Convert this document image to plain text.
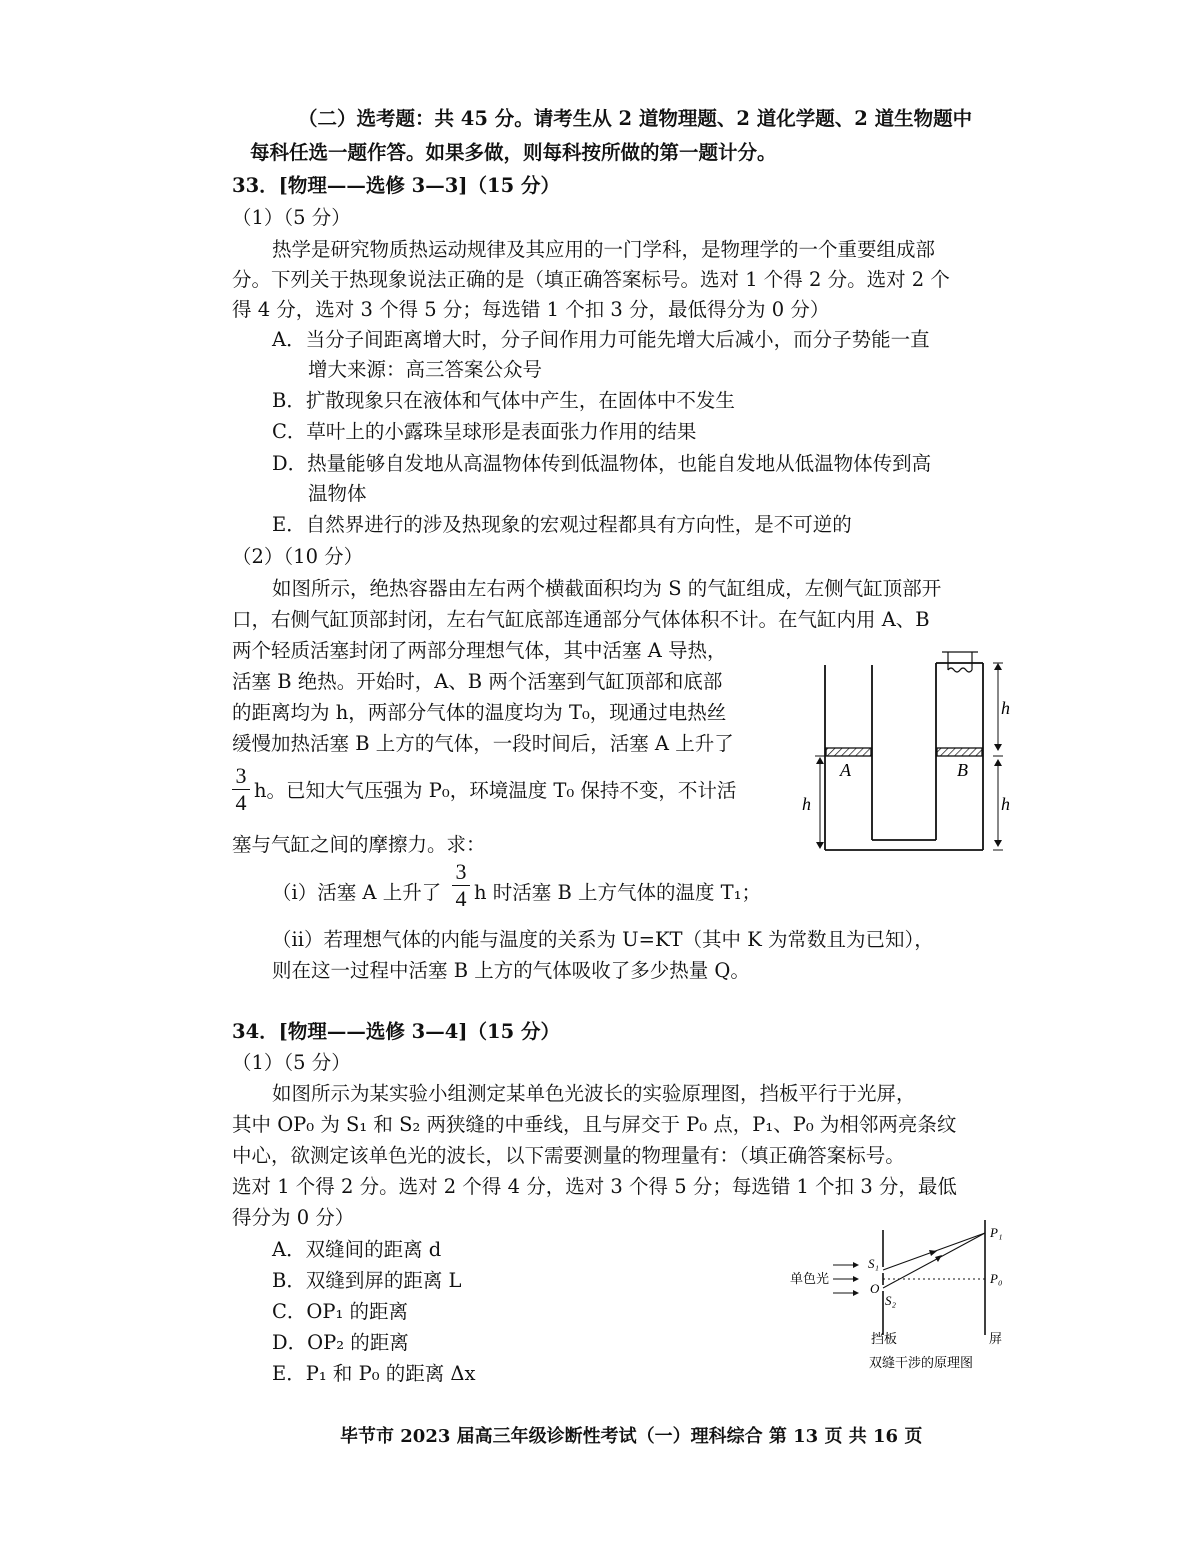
（二）选考题：共 45 分。请考生从 2 道物理题、2 道化学题、2 道生物题中
每科任选一题作答。如果多做，则每科按所做的第一题计分。
33．[物理——选修 3—3]（15 分）
（1）（5 分）
热学是研究物质热运动规律及其应用的一门学科，是物理学的一个重要组成部
分。下列关于热现象说法正确的是（填正确答案标号。选对 1 个得 2 分。选对 2 个
得 4 分，选对 3 个得 5 分；每选错 1 个扣 3 分，最低得分为 0 分）
A．当分子间距离增大时，分子间作用力可能先增大后减小，而分子势能一直
增大来源：高三答案公众号
B．扩散现象只在液体和气体中产生，在固体中不发生
C．草叶上的小露珠呈球形是表面张力作用的结果
D．热量能够自发地从高温物体传到低温物体，也能自发地从低温物体传到高
温物体
E．自然界进行的涉及热现象的宏观过程都具有方向性，是不可逆的
（2）（10 分）
如图所示，绝热容器由左右两个横截面积均为 S 的气缸组成，左侧气缸顶部开
口，右侧气缸顶部封闭，左右气缸底部连通部分气体体积不计。在气缸内用 A、B
两个轻质活塞封闭了两部分理想气体，其中活塞 A 导热，
活塞 B 绝热。开始时，A、B 两个活塞到气缸顶部和底部
的距离均为 h，两部分气体的温度均为 T₀，现通过电热丝
缓慢加热活塞 B 上方的气体，一段时间后，活塞 A 上升了
3
4 h。已知大气压强为 P₀，环境温度 T₀ 保持不变，不计活
塞与气缸之间的摩擦力。求：
（i）活塞 A 上升了
3
4 h 时活塞 B 上方气体的温度 T₁；
（ii）若理想气体的内能与温度的关系为 U=KT（其中 K 为常数且为已知），
则在这一过程中活塞 B 上方的气体吸收了多少热量 Q。
A	B
h
h
h
34．[物理——选修 3—4]（15 分）
（1）（5 分）
如图所示为某实验小组测定某单色光波长的实验原理图，挡板平行于光屏，
其中 OP₀ 为 S₁ 和 S₂ 两狭缝的中垂线，且与屏交于 P₀ 点，P₁、P₀ 为相邻两亮条纹
中心，欲测定该单色光的波长，以下需要测量的物理量有：（填正确答案标号。
选对 1 个得 2 分。选对 2 个得 4 分，选对 3 个得 5 分；每选错 1 个扣 3 分，最低
得分为 0 分）
A．双缝间的距离 d
B．双缝到屏的距离 L
C．OP₁ 的距离
D．OP₂ 的距离
E．P₁ 和 P₀ 的距离 Δx
单色光
S₁
S₂
O
P₁
P₀
挡板	屏
双缝干涉的原理图
毕节市 2023 届高三年级诊断性考试（一）理科综合 第 13 页 共 16 页
